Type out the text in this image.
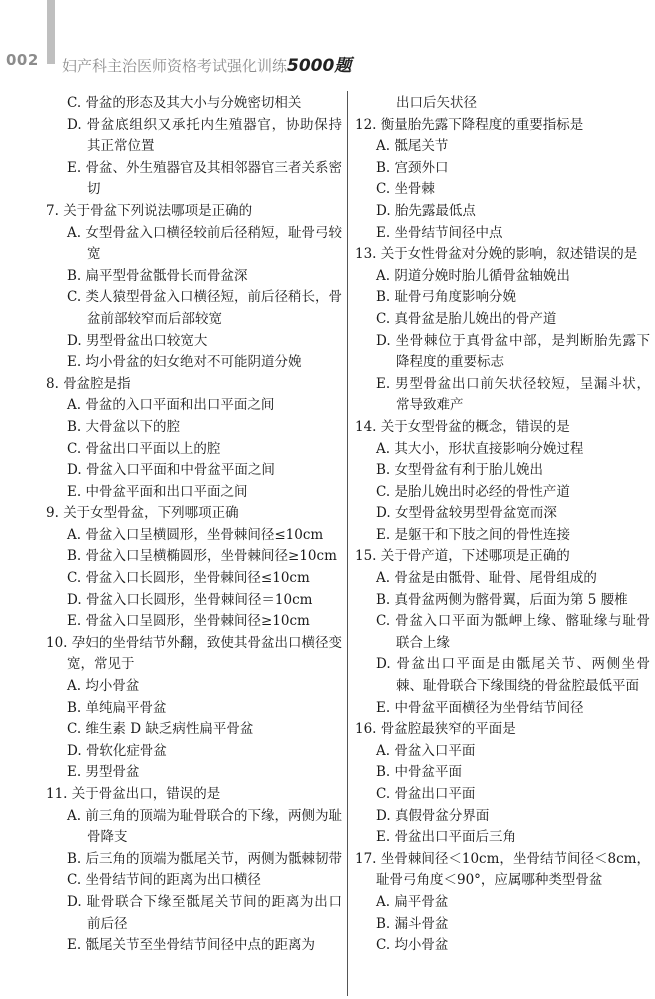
002 妇产科主治医师资格考试强化训练5000题
C. 骨盆的形态及其大小与分娩密切相关
D. 骨盆底组织又承托内生殖器官，协助保持其正常位置
E. 骨盆、外生殖器官及其相邻器官三者关系密切
7. 关于骨盆下列说法哪项是正确的
A. 女型骨盆入口横径较前后径稍短，耻骨弓较宽
B. 扁平型骨盆骶骨长而骨盆深
C. 类人猿型骨盆入口横径短，前后径稍长，骨盆前部较窄而后部较宽
D. 男型骨盆出口较宽大
E. 均小骨盆的妇女绝对不可能阴道分娩
8. 骨盆腔是指
A. 骨盆的入口平面和出口平面之间
B. 大骨盆以下的腔
C. 骨盆出口平面以上的腔
D. 骨盆入口平面和中骨盆平面之间
E. 中骨盆平面和出口平面之间
9. 关于女型骨盆，下列哪项正确
A. 骨盆入口呈横圆形，坐骨棘间径≤10cm
B. 骨盆入口呈横椭圆形，坐骨棘间径≥10cm
C. 骨盆入口长圆形，坐骨棘间径≤10cm
D. 骨盆入口长圆形，坐骨棘间径＝10cm
E. 骨盆入口呈圆形，坐骨棘间径≥10cm
10. 孕妇的坐骨结节外翻，致使其骨盆出口横径变宽，常见于
A. 均小骨盆
B. 单纯扁平骨盆
C. 维生素 D 缺乏病性扁平骨盆
D. 骨软化症骨盆
E. 男型骨盆
11. 关于骨盆出口，错误的是
A. 前三角的顶端为耻骨联合的下缘，两侧为耻骨降支
B. 后三角的顶端为骶尾关节，两侧为骶棘韧带
C. 坐骨结节间的距离为出口横径
D. 耻骨联合下缘至骶尾关节间的距离为出口前后径
E. 骶尾关节至坐骨结节间径中点的距离为
出口后矢状径
12. 衡量胎先露下降程度的重要指标是
A. 骶尾关节
B. 宫颈外口
C. 坐骨棘
D. 胎先露最低点
E. 坐骨结节间径中点
13. 关于女性骨盆对分娩的影响，叙述错误的是
A. 阴道分娩时胎儿循骨盆轴娩出
B. 耻骨弓角度影响分娩
C. 真骨盆是胎儿娩出的骨产道
D. 坐骨棘位于真骨盆中部，是判断胎先露下降程度的重要标志
E. 男型骨盆出口前矢状径较短，呈漏斗状，常导致难产
14. 关于女型骨盆的概念，错误的是
A. 其大小，形状直接影响分娩过程
B. 女型骨盆有利于胎儿娩出
C. 是胎儿娩出时必经的骨性产道
D. 女型骨盆较男型骨盆宽而深
E. 是躯干和下肢之间的骨性连接
15. 关于骨产道，下述哪项是正确的
A. 骨盆是由骶骨、耻骨、尾骨组成的
B. 真骨盆两侧为髂骨翼，后面为第 5 腰椎
C. 骨盆入口平面为骶岬上缘、髂耻缘与耻骨联合上缘
D. 骨盆出口平面是由骶尾关节、两侧坐骨棘、耻骨联合下缘围绕的骨盆腔最低平面
E. 中骨盆平面横径为坐骨结节间径
16. 骨盆腔最狭窄的平面是
A. 骨盆入口平面
B. 中骨盆平面
C. 骨盆出口平面
D. 真假骨盆分界面
E. 骨盆出口平面后三角
17. 坐骨棘间径＜10cm，坐骨结节间径＜8cm，耻骨弓角度＜90°，应属哪种类型骨盆
A. 扁平骨盆
B. 漏斗骨盆
C. 均小骨盆
